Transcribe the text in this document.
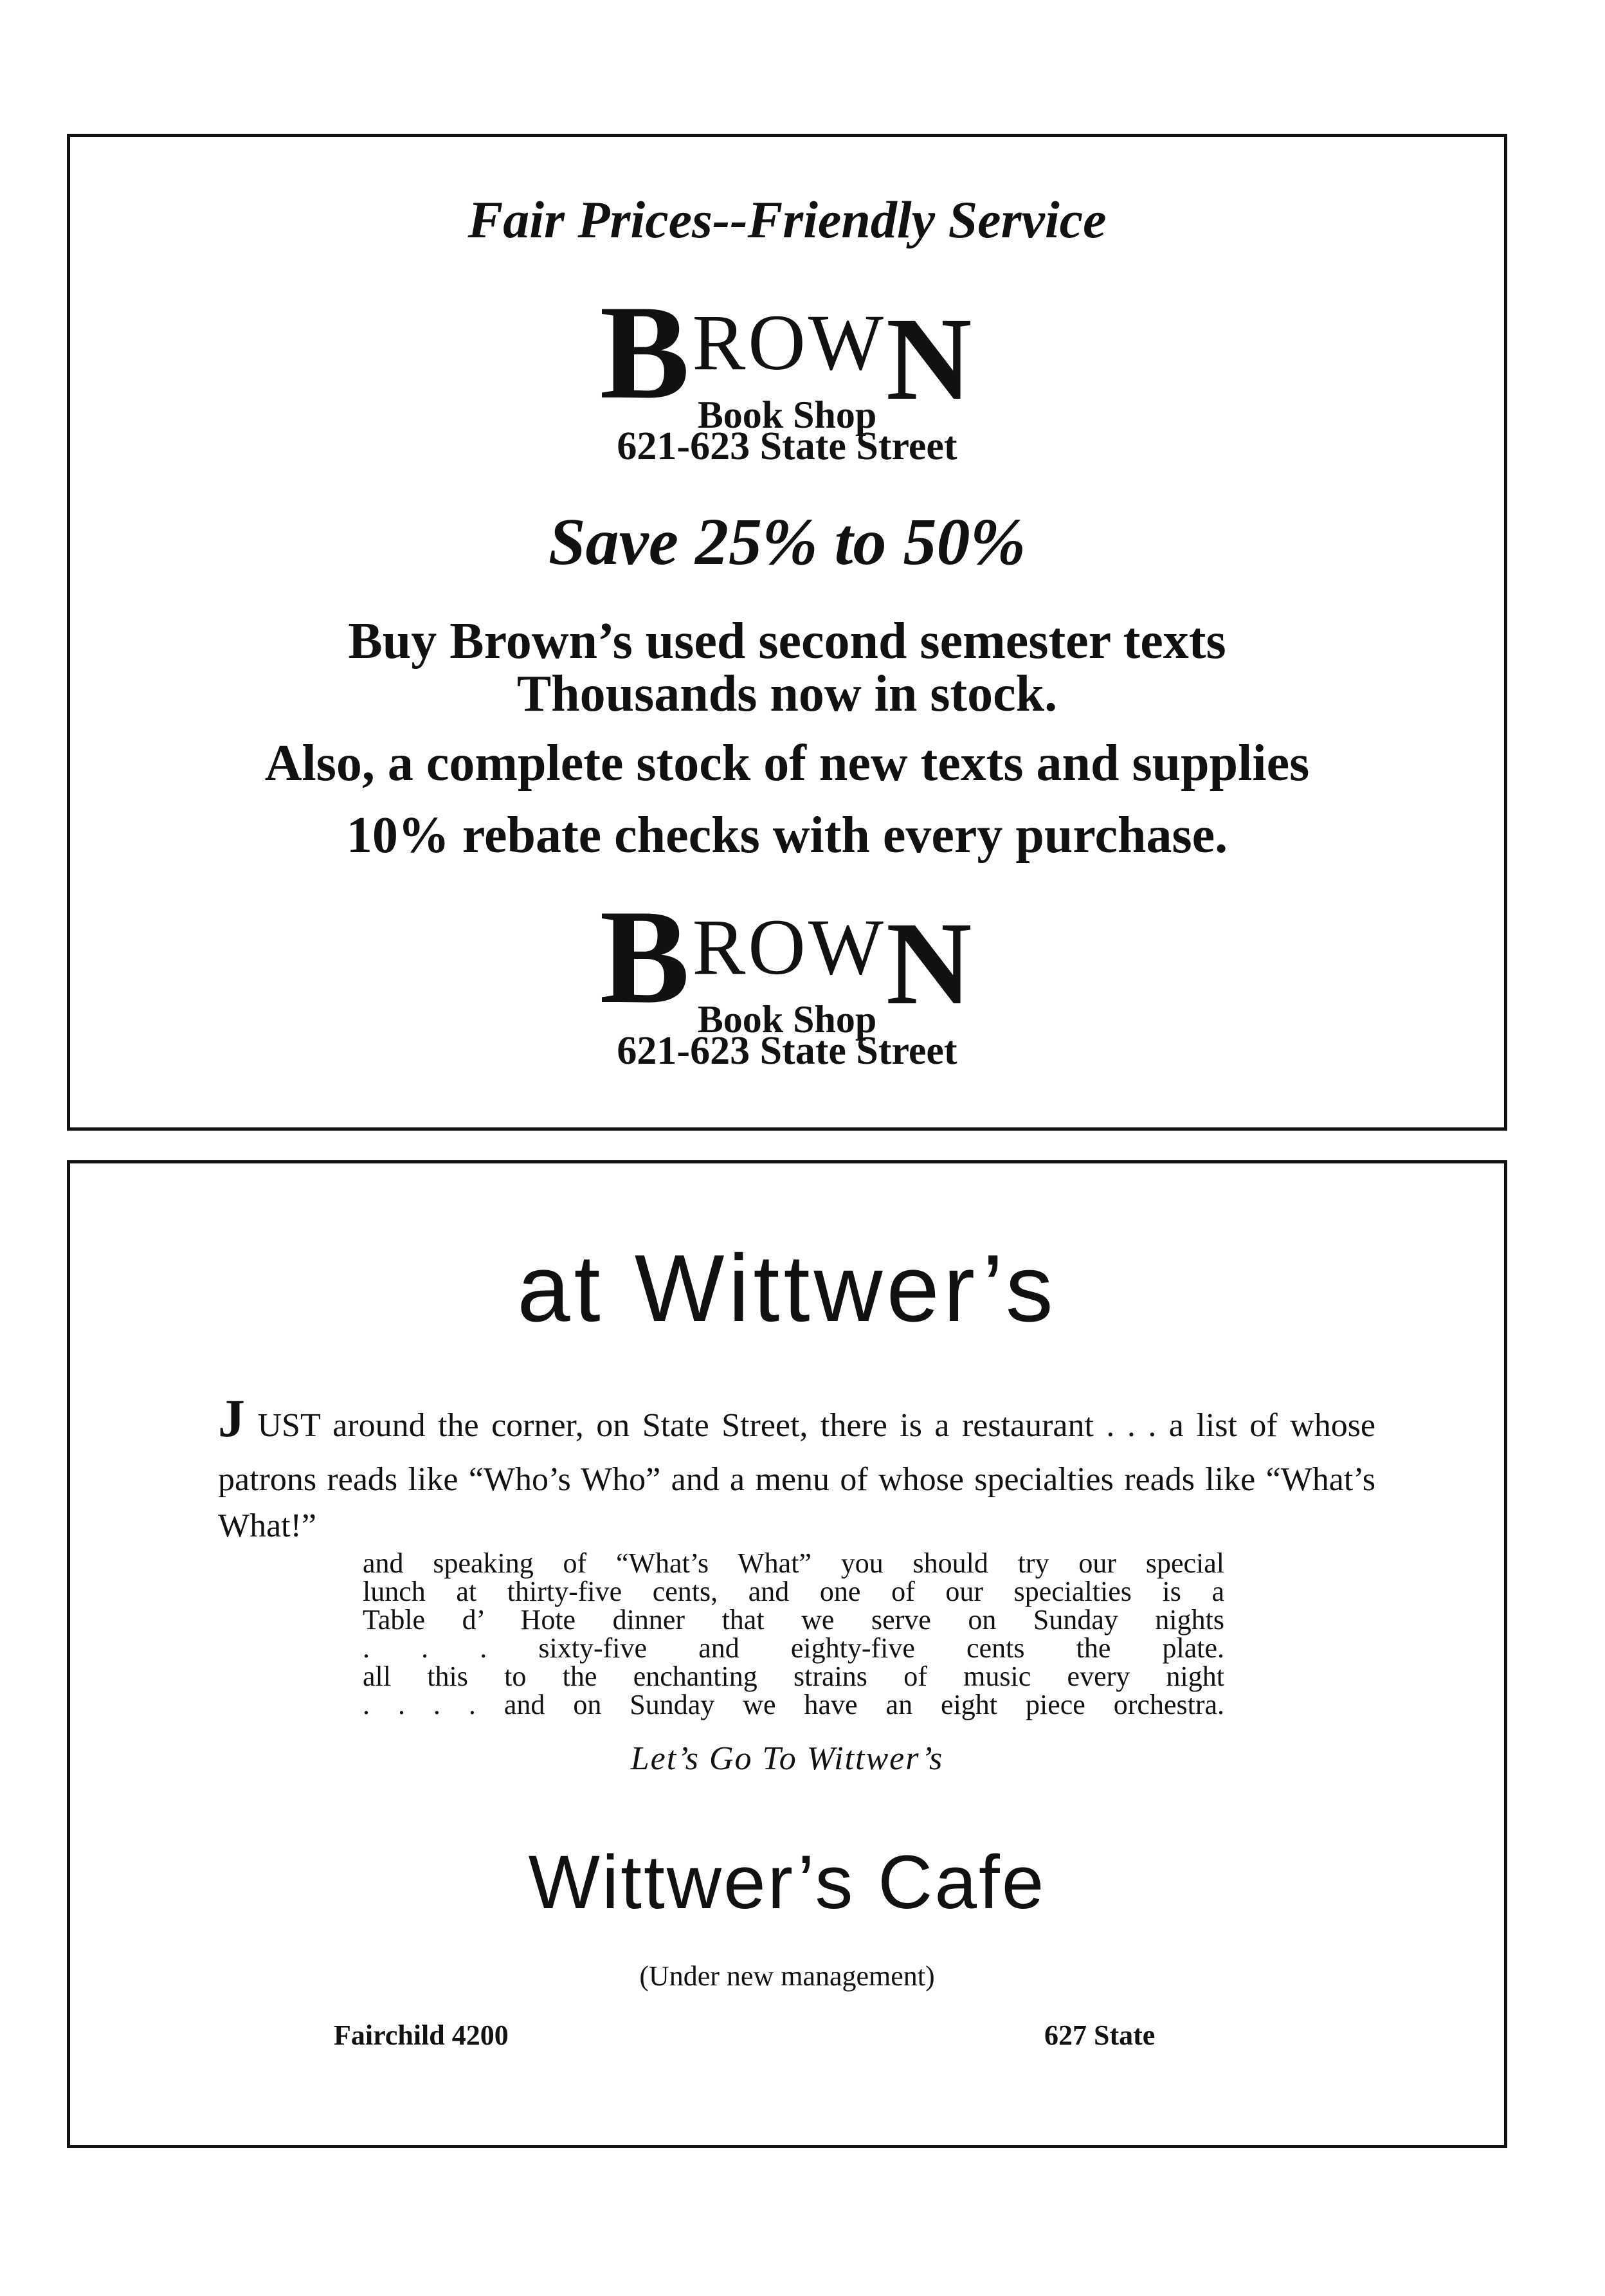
Fair Prices--Friendly Service

BROWN
Book Shop

621-623 State Street

Save 25% to 50%

Buy Brown’s used second semester texts

Thousands now in stock.

Also, a complete stock of new texts and supplies

10% rebate checks with every purchase.

BROWN
Book Shop

621-623 State Street

at Wittwer’s

J UST around the corner, on State Street, there is a restaurant . . . a list of whose patrons reads like “Who’s Who” and a menu of whose specialties reads like “What’s What!”

and speaking of “What’s What” you should try our special
lunch at thirty-five cents, and one of our specialties is a
Table d’ Hote dinner that we serve on Sunday nights
. . . sixty-five and eighty-five cents the plate.
all this to the enchanting strains of music every night
. . . . and on Sunday we have an eight piece orchestra.

Let’s Go To Wittwer’s

Wittwer’s Cafe

(Under new management)

Fairchild 4200	627 State
